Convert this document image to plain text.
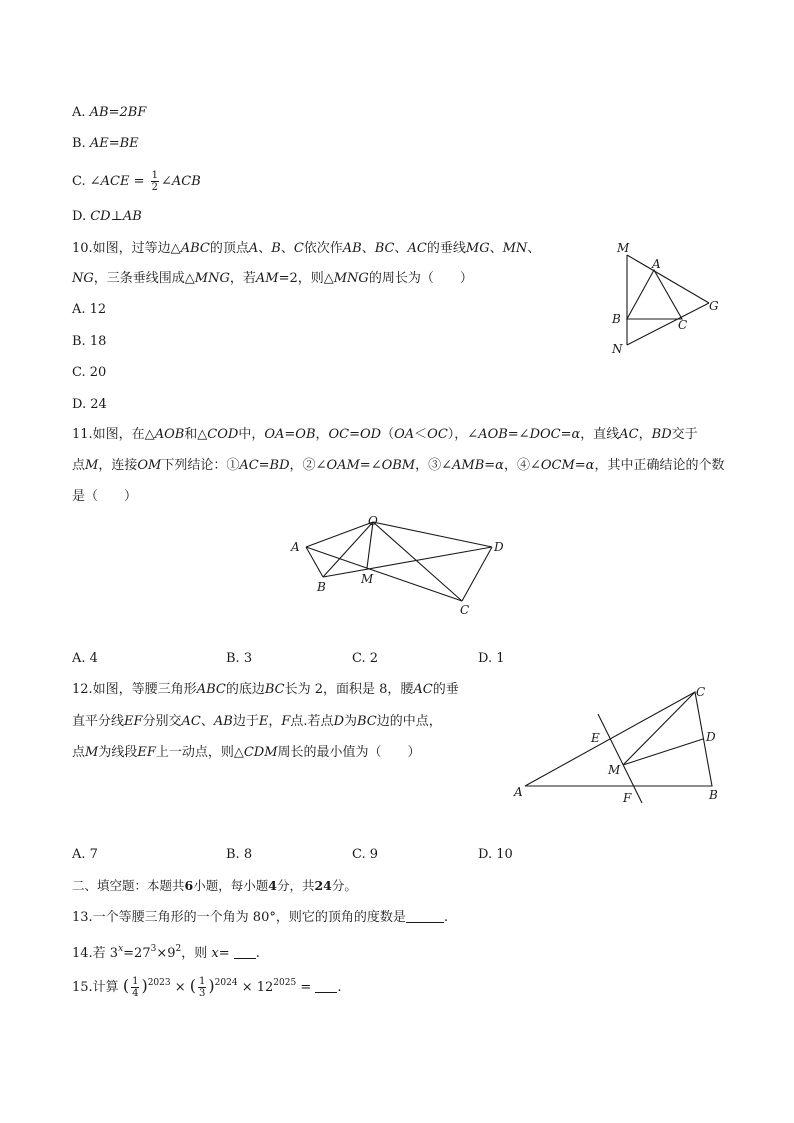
A. AB=2BF
B. AE=BE
C. ∠ACE = $\frac{1}{2}$ ∠ACB
D. CD⊥AB
10.如图，过等边△ABC的顶点A、B、C依次作AB、BC、AC的垂线MG、MN、
NG，三条垂线围成△MNG，若AM=2，则△MNG的周长为（　　）
A. 12
B. 18
C. 20
D. 24
M
A
G
B	C
N
11.如图，在△AOB和△COD中，OA=OB，OC=OD（OA＜OC），∠AOB=∠DOC=α，直线AC，BD交于
点M，连接OM下列结论：①AC=BD，②∠OAM=∠OBM，③∠AMB=α，④∠OCM=α，其中正确结论的个数
是（　　）
O
A	D
B
M
C
A. 4	B. 3	C. 2	D. 1
12.如图，等腰三角形ABC的底边BC长为 2，面积是 8，腰AC的垂
直平分线EF分别交AC、AB边于E，F点.若点D为BC边的中点，
点M为线段EF上一动点，则△CDM周长的最小值为（　　）
C
E	D
M
A	F	B
A. 7	B. 8	C. 9	D. 10
二、填空题：本题共6小题，每小题4分，共24分。
13.一个等腰三角形的一个角为 80°，则它的顶角的度数是	.
14.若 $3^x=27^3\times 9^2$，则 x= .
15.计算 ( $\frac{1}{4} )^{2023}$ × ( $\frac{1}{3} )^{2024} \times 12^{2025}$ = .
